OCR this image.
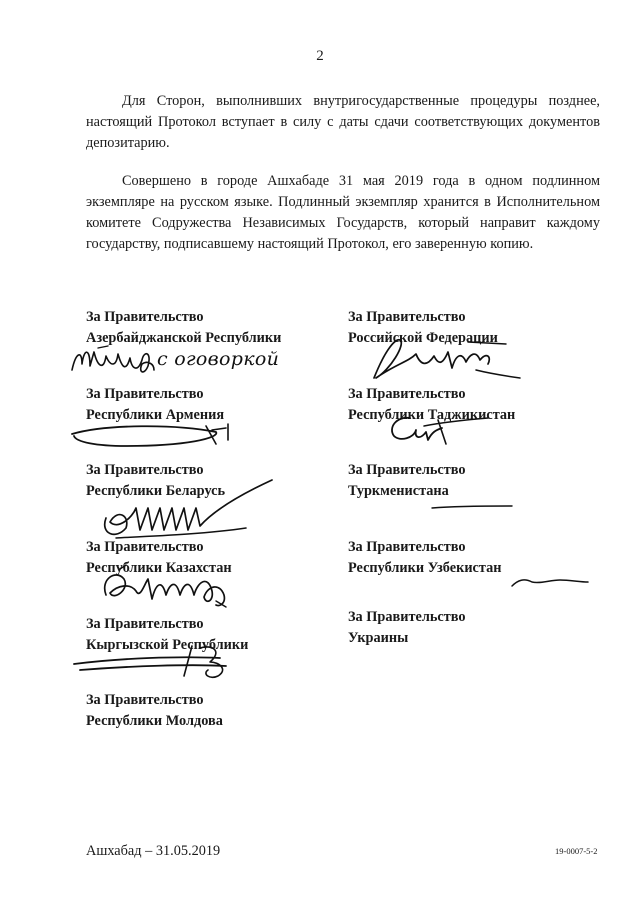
2

Для Сторон, выполнивших внутригосударственные процедуры позднее, настоящий Протокол вступает в силу с даты сдачи соответствующих документов депозитарию.

Совершено в городе Ашхабаде 31 мая 2019 года в одном подлинном экземпляре на русском языке. Подлинный экземпляр хранится в Исполнительном комитете Содружества Независимых Государств, который направит каждому государству, подписавшему настоящий Протокол, его заверенную копию.

За Правительство
Азербайджанской Республики
За Правительство
Республики Армения
За Правительство
Республики Беларусь
За Правительство
Республики Казахстан
За Правительство
Кыргызской Республики
За Правительство
Республики Молдова
За Правительство
Российской Федерации
За Правительство
Республики Таджикистан
За Правительство
Туркменистана
За Правительство
Республики Узбекистан
За Правительство
Украины
с оговоркой
Ашхабад – 31.05.2019	19-0007-5-2
